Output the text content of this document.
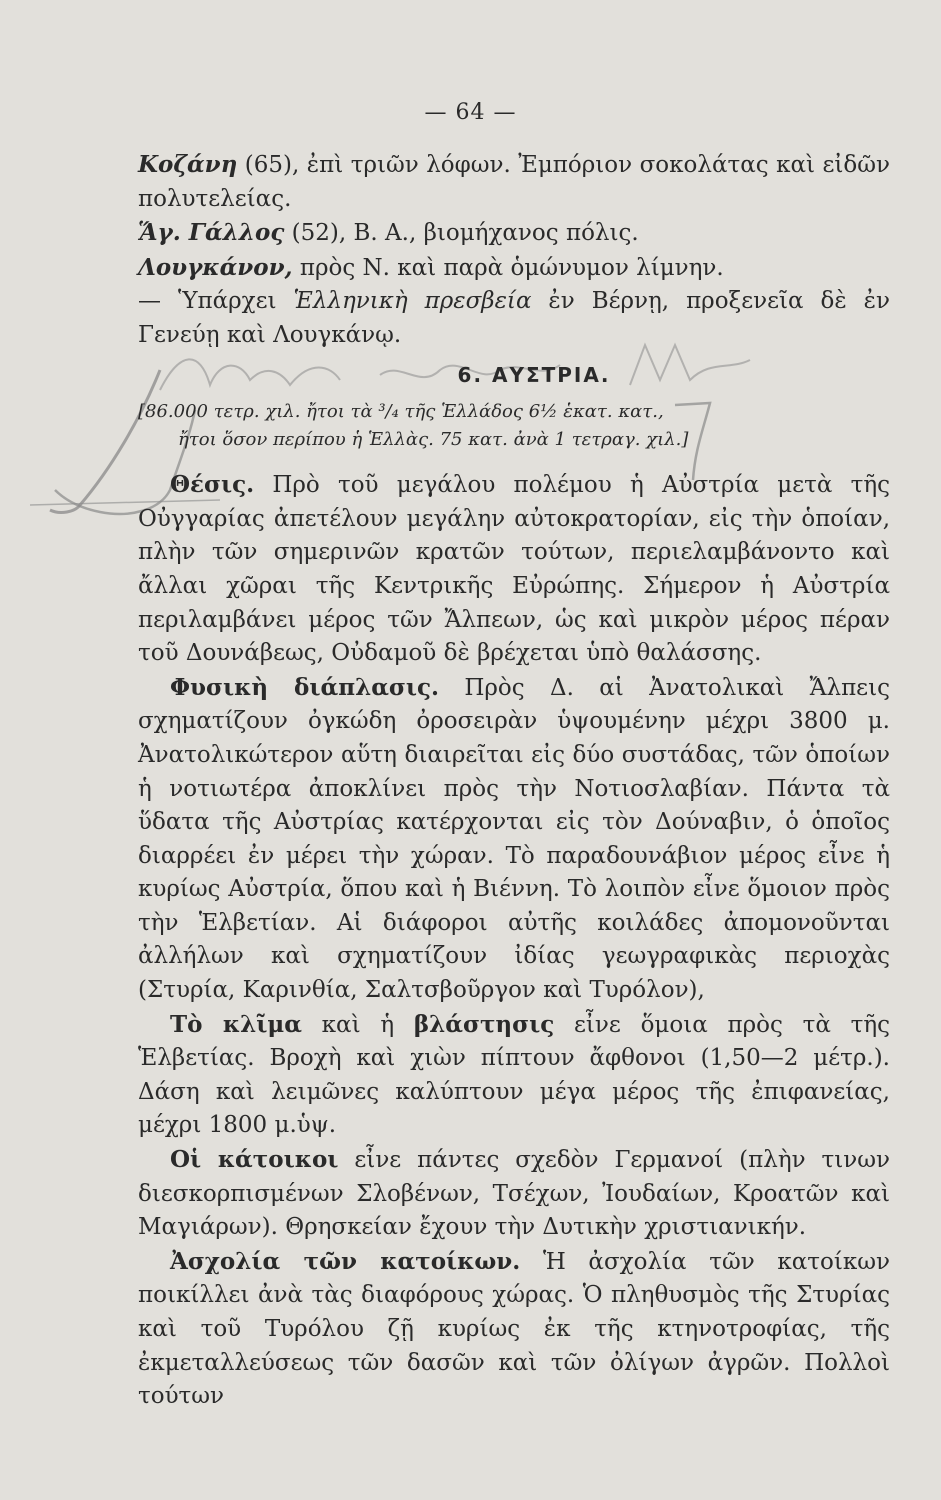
— 64 —

Κοζάνη (65), ἐπὶ τριῶν λόφων. Ἐμπόριον σοκολάτας καὶ εἰδῶν πολυτελείας.

Ἅγ. Γάλλος (52), Β. Α., βιομήχανος πόλις.

Λουγκάνον, πρὸς Ν. καὶ παρὰ ὁμώνυμον λίμνην.

— Ὑπάρχει Ἑλληνικὴ πρεσβεία ἐν Βέρνῃ, προξενεῖα δὲ ἐν Γενεύῃ καὶ Λουγκάνῳ.

6. ΑΥΣΤΡΙΑ.
[86.000 τετρ. χιλ. ἤτοι τὰ ³/₄ τῆς Ἑλλάδος 6½ ἑκατ. κατ.,
ἤτοι ὅσον περίπου ἡ Ἑλλὰς. 75 κατ. ἀνὰ 1 τετραγ. χιλ.]

Θέσις. Πρὸ τοῦ μεγάλου πολέμου ἡ Αὐστρία μετὰ τῆς Οὐγγαρίας ἀπετέλουν μεγάλην αὐτοκρατορίαν, εἰς τὴν ὁποίαν, πλὴν τῶν σημερινῶν κρατῶν τούτων, περιελαμβάνοντο καὶ ἄλλαι χῶραι τῆς Κεντρικῆς Εὐρώπης. Σήμερον ἡ Αὐστρία περιλαμβάνει μέρος τῶν Ἄλπεων, ὡς καὶ μικρὸν μέρος πέραν τοῦ Δουνάβεως, Οὐδαμοῦ δὲ βρέχεται ὑπὸ θαλάσσης.

Φυσικὴ διάπλασις. Πρὸς Δ. αἱ Ἀνατολικαὶ Ἄλπεις σχηματίζουν ὀγκώδη ὀροσειρὰν ὑψουμένην μέχρι 3800 μ. Ἀνατολικώτερον αὕτη διαιρεῖται εἰς δύο συστάδας, τῶν ὁποίων ἡ νοτιωτέρα ἀποκλίνει πρὸς τὴν Νοτιοσλαβίαν. Πάντα τὰ ὕδατα τῆς Αὐστρίας κατέρχονται εἰς τὸν Δούναβιν, ὁ ὁποῖος διαρρέει ἐν μέρει τὴν χώραν. Τὸ παραδουνάβιον μέρος εἶνε ἡ κυρίως Αὐστρία, ὅπου καὶ ἡ Βιέννη. Τὸ λοιπὸν εἶνε ὅμοιον πρὸς τὴν Ἑλβετίαν. Αἱ διάφοροι αὐτῆς κοιλάδες ἀπομονοῦνται ἀλλήλων καὶ σχηματίζουν ἰδίας γεωγραφικὰς περιοχὰς (Στυρία, Καρινθία, Σαλτσβοῦργον καὶ Τυρόλον),

Τὸ κλῖμα καὶ ἡ βλάστησις εἶνε ὅμοια πρὸς τὰ τῆς Ἑλβετίας. Βροχὴ καὶ χιὼν πίπτουν ἄφθονοι (1,50—2 μέτρ.). Δάση καὶ λειμῶνες καλύπτουν μέγα μέρος τῆς ἐπιφανείας, μέχρι 1800 μ.ὑψ.

Οἱ κάτοικοι εἶνε πάντες σχεδὸν Γερμανοί (πλὴν τινων διεσκορπισμένων Σλοβένων, Τσέχων, Ἰουδαίων, Κροατῶν καὶ Μαγιάρων). Θρησκείαν ἔχουν τὴν Δυτικὴν χριστιανικήν.

Ἀσχολία τῶν κατοίκων. Ἡ ἀσχολία τῶν κατοίκων ποικίλλει ἀνὰ τὰς διαφόρους χώρας. Ὁ πληθυσμὸς τῆς Στυρίας καὶ τοῦ Τυρόλου ζῇ κυρίως ἐκ τῆς κτηνοτροφίας, τῆς ἐκμεταλλεύσεως τῶν δασῶν καὶ τῶν ὀλίγων ἀγρῶν. Πολλοὶ τούτων
